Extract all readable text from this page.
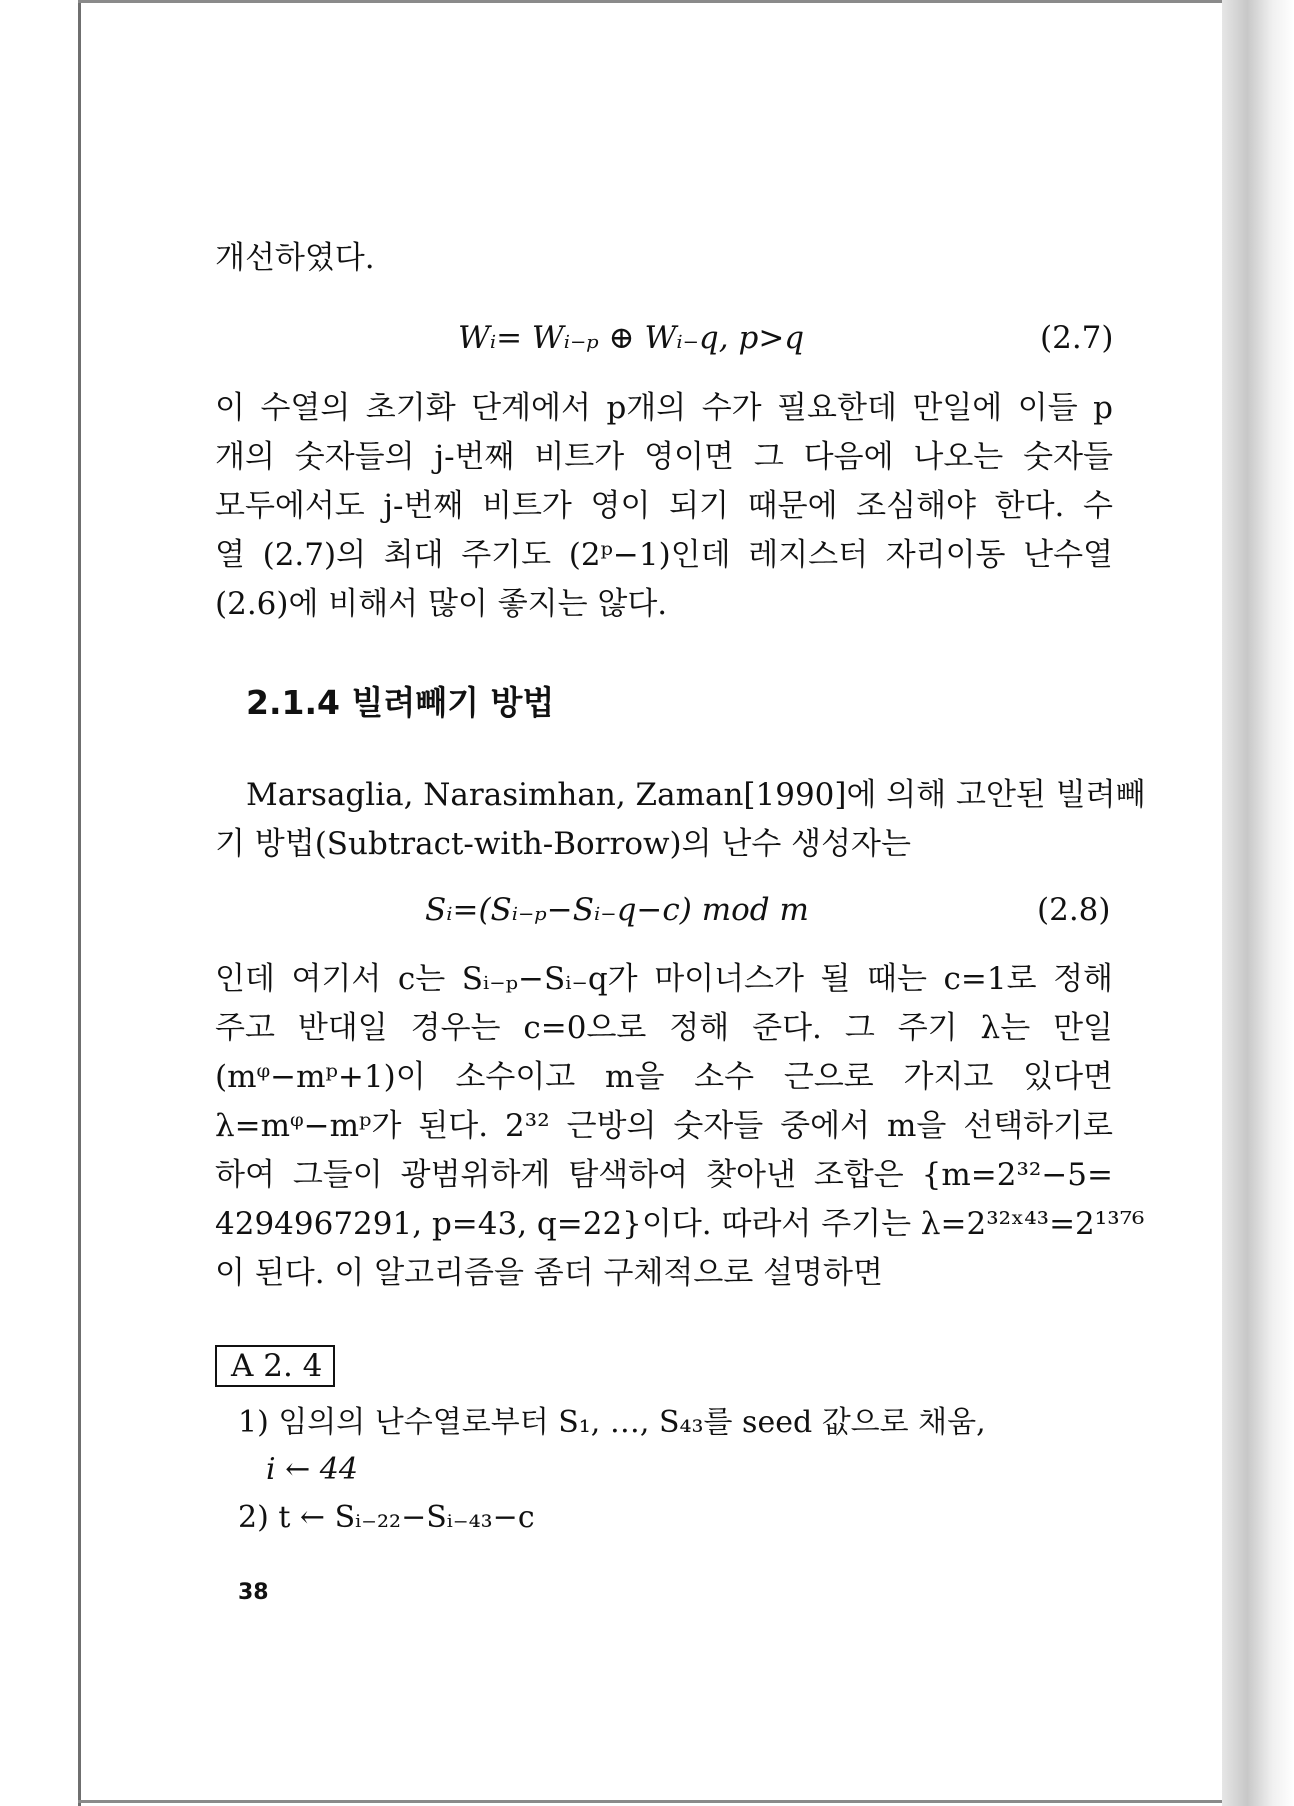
개선하였다.
Wᵢ= Wᵢ₋ₚ ⊕ Wᵢ₋q, p>q	(2.7)
이 수열의 초기화 단계에서 p개의 수가 필요한데 만일에 이들 p
개의 숫자들의 j-번째 비트가 영이면 그 다음에 나오는 숫자들
모두에서도 j-번째 비트가 영이 되기 때문에 조심해야 한다. 수
열 (2.7)의 최대 주기도 (2ᵖ−1)인데 레지스터 자리이동 난수열
(2.6)에 비해서 많이 좋지는 않다.
2.1.4 빌려빼기 방법
Marsaglia, Narasimhan, Zaman[1990]에 의해 고안된 빌려빼
기 방법(Subtract-with-Borrow)의 난수 생성자는
Sᵢ=(Sᵢ₋ₚ−Sᵢ₋q−c) mod m	(2.8)
인데 여기서 c는 Sᵢ₋ₚ−Sᵢ₋q가 마이너스가 될 때는 c=1로 정해
주고 반대일 경우는 c=0으로 정해 준다. 그 주기 λ는 만일
(mᵠ−mᵖ+1)이 소수이고 m을 소수 근으로 가지고 있다면
λ=mᵠ−mᵖ가 된다. 2³² 근방의 숫자들 중에서 m을 선택하기로
하여 그들이 광범위하게 탐색하여 찾아낸 조합은 {m=2³²−5=
4294967291, p=43, q=22}이다. 따라서 주기는 λ=2³²ˣ⁴³=2¹³⁷⁶
이 된다. 이 알고리즘을 좀더 구체적으로 설명하면
A 2. 4
1) 임의의 난수열로부터 S₁, …, S₄₃를 seed 값으로 채움,
i ← 44
2) t ← Sᵢ₋₂₂−Sᵢ₋₄₃−c
38
